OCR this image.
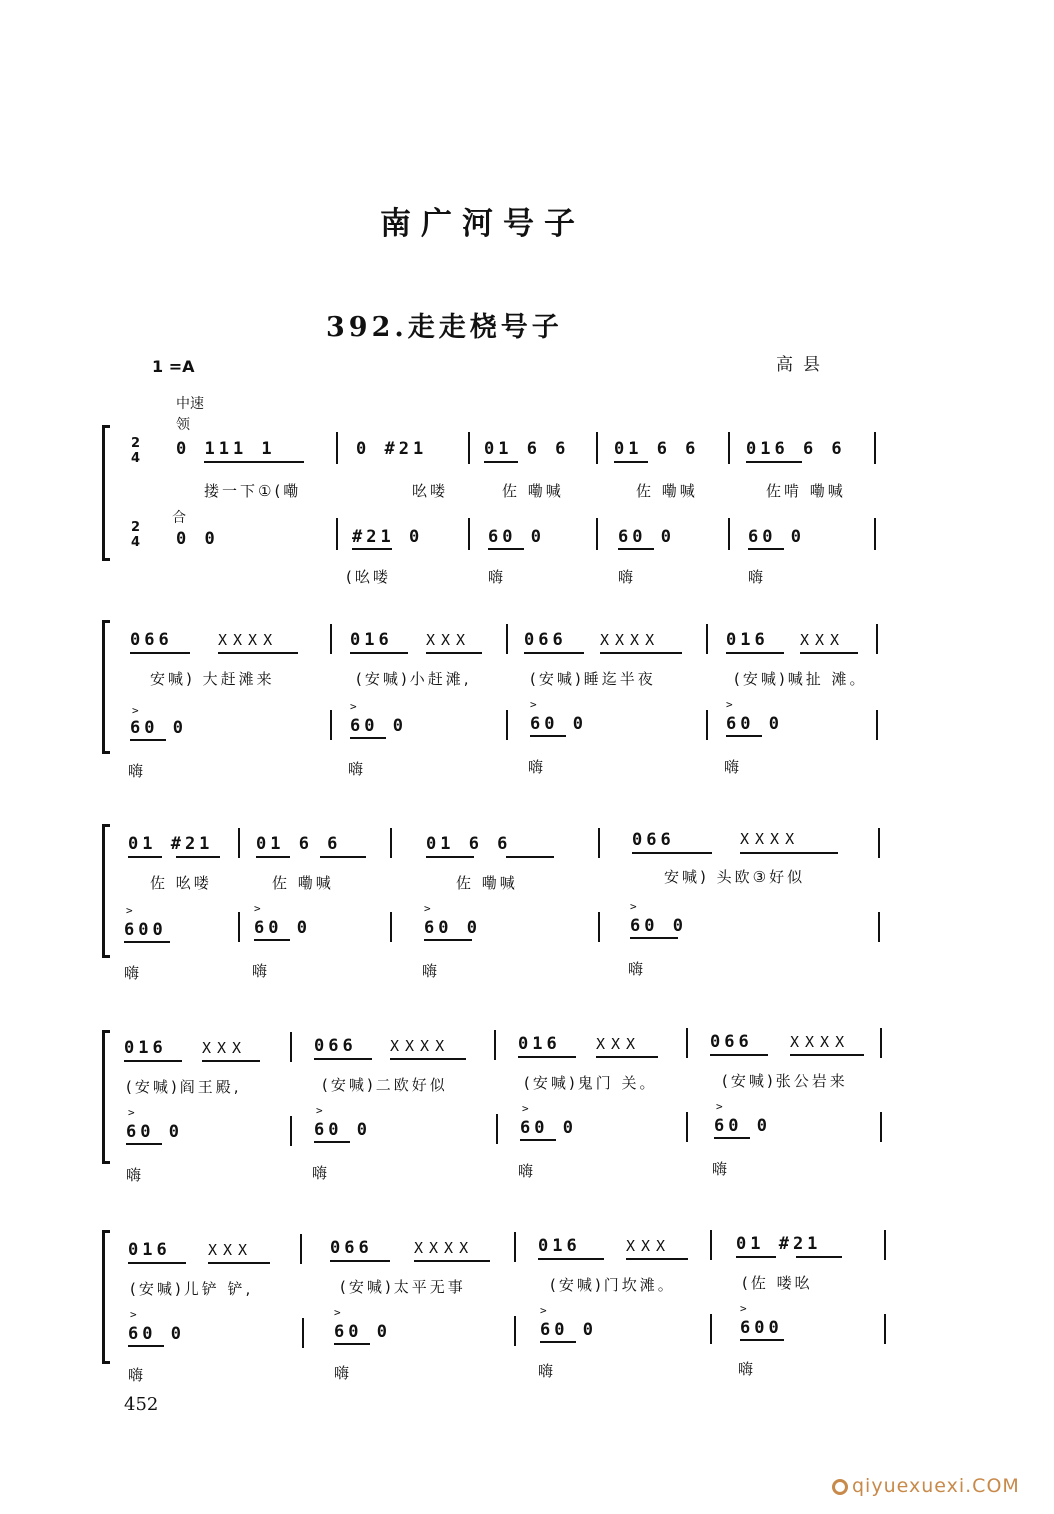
南广河号子
392.走走桡号子
1 =A	高县
中速
领
合
2
4
2
4
0 111 1	0 #21	01 6 6	01 6 6	016 6 6
搂一下①(嘞	吆喽	佐 嘞喊	佐 嘞喊	佐啃 嘞喊
0 0	#21 0	60 0	60 0	60 0
(吆喽	嗨	嗨	嗨
066	XXXX	016 XXX	066 XXXX	016 XXX
安喊) 大赶滩来	(安喊)小赶滩,	(安喊)睡迄半夜	(安喊)喊扯 滩。
>	>	>	>
60 0	60 0	60 0	60 0
嗨	嗨	嗨	嗨
01 #21	01 6 6	01 6 6	066	XXXX
佐 吆喽	佐 嘞喊	佐 嘞喊	安喊) 头欧③好似
>	>	>	>
600	60 0	60 0	60 0
嗨	嗨	嗨	嗨
016 XXX	066 XXXX	016 XXX	066 XXXX
(安喊)阎王殿,	(安喊)二欧好似	(安喊)鬼门 关。	(安喊)张公岩来
>	>	>	>
60 0	60 0	60 0	60 0
嗨	嗨	嗨	嗨
016 XXX	066	XXXX	016	XXX	01 #21
(安喊)儿铲 铲,	(安喊)太平无事	(安喊)门坎滩。	(佐 喽吆
>	>	>	>
60 0	60 0	60 0	600
嗨	嗨	嗨	嗨
452
qiyuexuexi.COM
